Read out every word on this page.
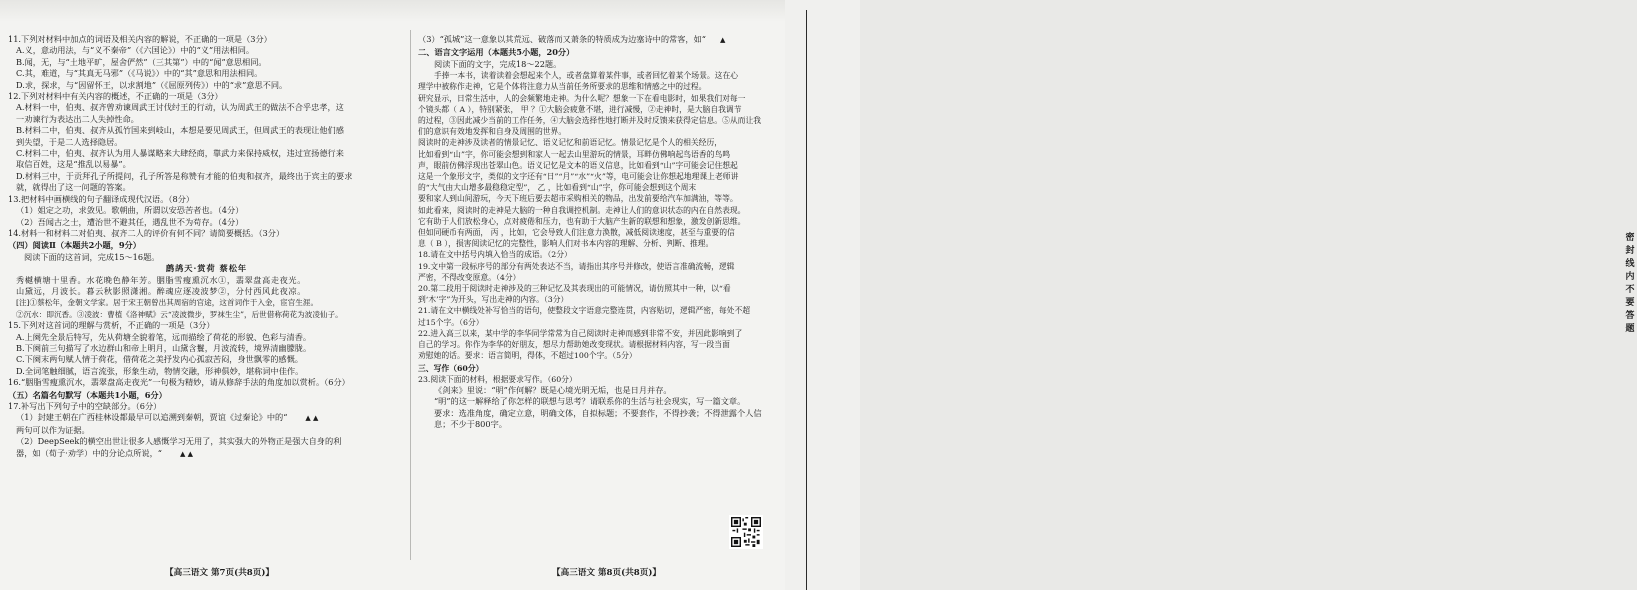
11.下列对材料中加点的词语及相关内容的解说，不正确的一项是（3分）
A.义，意动用法，与“义不秦帝”（《六国论》）中的“义”用法相同。
B.闻，无，与“土地平旷，屋舍俨然”（三其第”）中的“闻”意思相同。
C.其，难道，与“其真无马邪”（《马说》）中的“其”意思和用法相同。
D.求，探求，与“因留怀王，以求割地”（《屈原列传》）中的“求”意思不同。
12.下列对材料中有关内容的概述，不正确的一项是（3分）
A.材料一中，伯夷、叔齐曾劝谏周武王讨伐纣王的行动，认为周武王的做法不合乎忠孝，这
一劝谏行为表达出二人失掉性命。
B.材料二中，伯夷、叔齐从孤竹国来到岐山，本想是要见周武王，但周武王的表现让他们感
到失望，于是二人选择隐居。
C.材料二中，伯夷、叔齐认为用人暴谋略来大肆经商，靠武力来保持威权，违过宣扬德行来
取信百姓，这是“推乱以易暴”。
D.材料三中，于贡拜孔子所提问，孔子所答是称赞有才能的伯夷和叔齐，最终出于宾主的要求
就，就得出了这一问题的答案。
13.把材料中画横线的句子翻译成现代汉语。（8分）
（1）姐定之功，求敛见。歌朝曲，所谓以安恐苦者也。（4分）
（2）吾闻古之士，遭治世不避其任，遇乱世不为苟存。（4分）
14.材料一和材料二对伯夷、叔齐二人的评价有何不同？请简要概括。（3分）
（四）阅读Ⅱ（本题共2小题，9分）
阅读下面的这首词，完成15～16题。
鹧鸪天·赏荷 蔡松年
秀樾横塘十里香。水花晚色静年芳。胭脂雪瘦熏沉水①，翡翠盘高走夜光。
山黛远，月波长。暮云秋影照潇湘。醉魂应逐凌波梦②，分付西风此夜凉。
[注]①蔡松年，金朝文学家。居于宋王朝曾出其周宿的官途，这首词作于入金，宦官生涯。
②沉水：即沉香。③凌波：曹植《洛神赋》云“凌波微步，罗袜生尘”，后世借称荷花为波凌仙子。
15.下列对这首词的理解与赏析，不正确的一项是（3分）
A.上阕先全景后特写，先从荷塘全貌着笔，远而描绘了荷花的形貌、色彩与清香。
B.下阕前三句描写了水边群山和帝上明月，山黛含鬟，月波流转，境界清幽朦胧。
C.下阕末两句赋人情于荷花，借荷花之美抒发内心孤寂苦闷，身世飘零的感慨。
D.全词笔触细腻，语言流张，形象生动，物情交融，形神俱妙，堪称词中佳作。
16.“胭脂雪瘦熏沉水，翡翠盘高走夜光”一句极为精妙，请从修辞手法的角度加以赏析。（6分）
（五）名篇名句默写（本题共1小题，6分）
17.补写出下列句子中的空缺部分。（6分）
（1）封建王朝在广西桂林设都最早可以追溯到秦朝，贾谊《过秦论》中的“	▲ ▲
两句可以作为证据。
（2）DeepSeek的横空出世让很多人感慨学习无用了，其实强大的外物正是强大自身的利
器，如（荀子·劝学）中的分论点所说，“	▲ ▲
（3）“孤城”这一意象以其荒远、破落而又萧条的特质成为边塞诗中的常客，如“ ▲
二、语言文字运用（本题共5小题，20分）
阅读下面的文字，完成18～22题。
手捧一本书，读着读着会想起来个人，或者盘算着某件事，或者回忆着某个场景。这在心
理学中被称作走神，它是个体将注意力从当前任务所要求的思维和情感之中的过程。
研究显示，日常生活中，人的会频繁地走神。为什么呢？想象一下在看电影时，如果我们对每一
个镜头都（ A ），特别紧张， 甲 ？①大脑会疲惫不堪，进行减慢，②走神时，是大脑自我调节
的过程，③因此减少当前的工作任务，④大脑会选择性地打断并及时反馈来获得定信息。⑤从而让我
们的意识有效地发挥和自身及周围的世界。
阅读时的走神涉及读者的情景记忆、语义记忆和前语记忆。情景记忆是个人的相关经历，
比如看到“山”字，你可能会想到和家人一起去山里游玩的情景，耳畔仿佛响起鸟语香的鸟鸣
声，眼前仿佛浮现出苍翠山色。语义记忆是文本的语义信息，比如看到“山”字可能会记住想起
这是一个象形文字，类似的文字还有“日”“月”“水”“火”等，电可能会让你想起地理课上老师讲
的“大气由大山增多最稳稳定型”， 乙 ，比如看到“山”字，你可能会想到这个周末
要和家人到山间游玩，今天下班后要去超市采购相关的物品，出发前要给汽车加满油，等等。
如此看来，阅读时的走神是大脑的一种自我调控机制。走神让人们的意识状态的内在自然表现。
它有助于人们放松身心，点对疲倦和压力，也有助于大脑产生新的联想和想象，激发创新思维。
但如同硬币有两面， 丙 ，比如，它会导致人们注意力涣散，减低阅读速度，甚至与重要的信
息（ B ），损害阅读记忆的完整性，影响人们对书本内容的理解、分析、判断、推理。
18.请在文中括号内填入恰当的成语。（2分）
19.文中第一段标序号的部分有两处表达不当，请指出其序号并修改，使语言准确流畅，逻辑
严密，不得改变原意。（4分）
20.第二段用于阅读时走神涉及的三种记忆及其表现出的可能情况，请仿照其中一种，以“看
到‘木’字”为开头，写出走神的内容。（3分）
21.请在文中横线处补写恰当的语句，使整段文字语意完整连贯，内容贴切，逻辑严密，每处不超
过15个字。（6分）
22.进入高三以来，某中学的李华同学常常为自己阅读时走神而感到非常不安，并因此影响到了
自己的学习。你作为李华的好朋友，想尽力帮助她改变现状。请根据材料内容，写一段当面
劝慰她的话。要求：语言简明，得体，不超过100个字。（5分）
三、写作（60分）
23.阅读下面的材料，根据要求写作。（60分）
《剑来》里说：“明”作何解？既是心境光明无垢，也是日月并存。
“明”的这一解释给了你怎样的联想与思考？请联系你的生活与社会现实，写一篇文章。
要求：选准角度，确定立意，明确文体，自拟标题；不要套作，不得抄袭；不得泄露个人信
息；不少于800字。
【高三语文 第7页(共8页)】	【高三语文 第8页(共8页)】
密 封 线 内 不 要 答 题
